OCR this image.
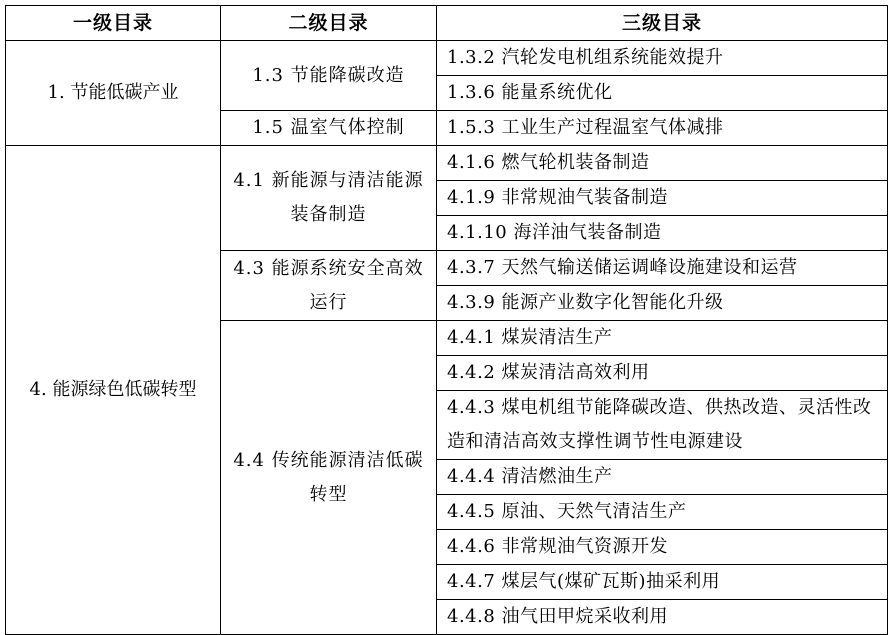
一级目录	二级目录	三级目录
1. 节能低碳产业	1.3 节能降碳改造	1.3.2 汽轮发电机组系统能效提升
		1.3.6 能量系统优化
	1.5 温室气体控制	1.5.3 工业生产过程温室气体减排
4. 能源绿色低碳转型	4.1 新能源与清洁能源装备制造	4.1.6 燃气轮机装备制造
		4.1.9 非常规油气装备制造
		4.1.10 海洋油气装备制造

	4.3 能源系统安全高效运行	4.3.7 天然气输送储运调峰设施建设和运营
		4.3.9 能源产业数字化智能化升级

	4.4 传统能源清洁低碳转型	4.4.1 煤炭清洁生产
		4.4.2 煤炭清洁高效利用
		4.4.3 煤电机组节能降碳改造、供热改造、灵活性改造和清洁高效支撑性调节性电源建设
		4.4.4 清洁燃油生产
		4.4.5 原油、天然气清洁生产
		4.4.6 非常规油气资源开发
		4.4.7 煤层气(煤矿瓦斯)抽采利用
		4.4.8 油气田甲烷采收利用
